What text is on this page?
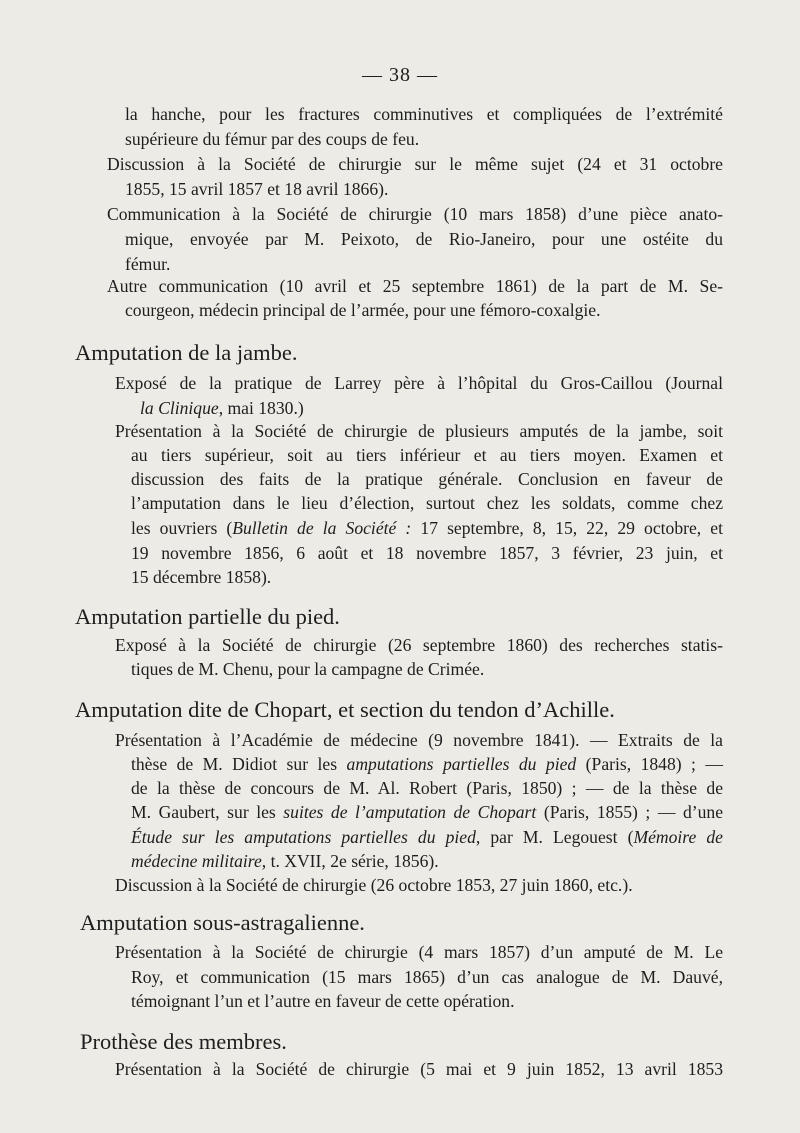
— 38 —
la hanche, pour les fractures comminutives et compliquées de l’extrémité
supérieure du fémur par des coups de feu.
Discussion à la Société de chirurgie sur le même sujet (24 et 31 octobre
1855, 15 avril 1857 et 18 avril 1866).
Communication à la Société de chirurgie (10 mars 1858) d’une pièce anato-
mique, envoyée par M. Peixoto, de Rio-Janeiro, pour une ostéite du
fémur.
Autre communication (10 avril et 25 septembre 1861) de la part de M. Se-
courgeon, médecin principal de l’armée, pour une fémoro-coxalgie.
Amputation de la jambe.
Exposé de la pratique de Larrey père à l’hôpital du Gros-Caillou (Journal
la Clinique, mai 1830.)
Présentation à la Société de chirurgie de plusieurs amputés de la jambe, soit
au tiers supérieur, soit au tiers inférieur et au tiers moyen. Examen et
discussion des faits de la pratique générale. Conclusion en faveur de
l’amputation dans le lieu d’élection, surtout chez les soldats, comme chez
les ouvriers (Bulletin de la Société : 17 septembre, 8, 15, 22, 29 octobre, et
19 novembre 1856, 6 août et 18 novembre 1857, 3 février, 23 juin, et
15 décembre 1858).
Amputation partielle du pied.
Exposé à la Société de chirurgie (26 septembre 1860) des recherches statis-
tiques de M. Chenu, pour la campagne de Crimée.
Amputation dite de Chopart, et section du tendon d’Achille.
Présentation à l’Académie de médecine (9 novembre 1841). — Extraits de la
thèse de M. Didiot sur les amputations partielles du pied (Paris, 1848) ; —
de la thèse de concours de M. Al. Robert (Paris, 1850) ; — de la thèse de
M. Gaubert, sur les suites de l’amputation de Chopart (Paris, 1855) ; — d’une
Étude sur les amputations partielles du pied, par M. Legouest (Mémoire de
médecine militaire, t. XVII, 2e série, 1856).
Discussion à la Société de chirurgie (26 octobre 1853, 27 juin 1860, etc.).
Amputation sous-astragalienne.
Présentation à la Société de chirurgie (4 mars 1857) d’un amputé de M. Le
Roy, et communication (15 mars 1865) d’un cas analogue de M. Dauvé,
témoignant l’un et l’autre en faveur de cette opération.
Prothèse des membres.
Présentation à la Société de chirurgie (5 mai et 9 juin 1852, 13 avril 1853
